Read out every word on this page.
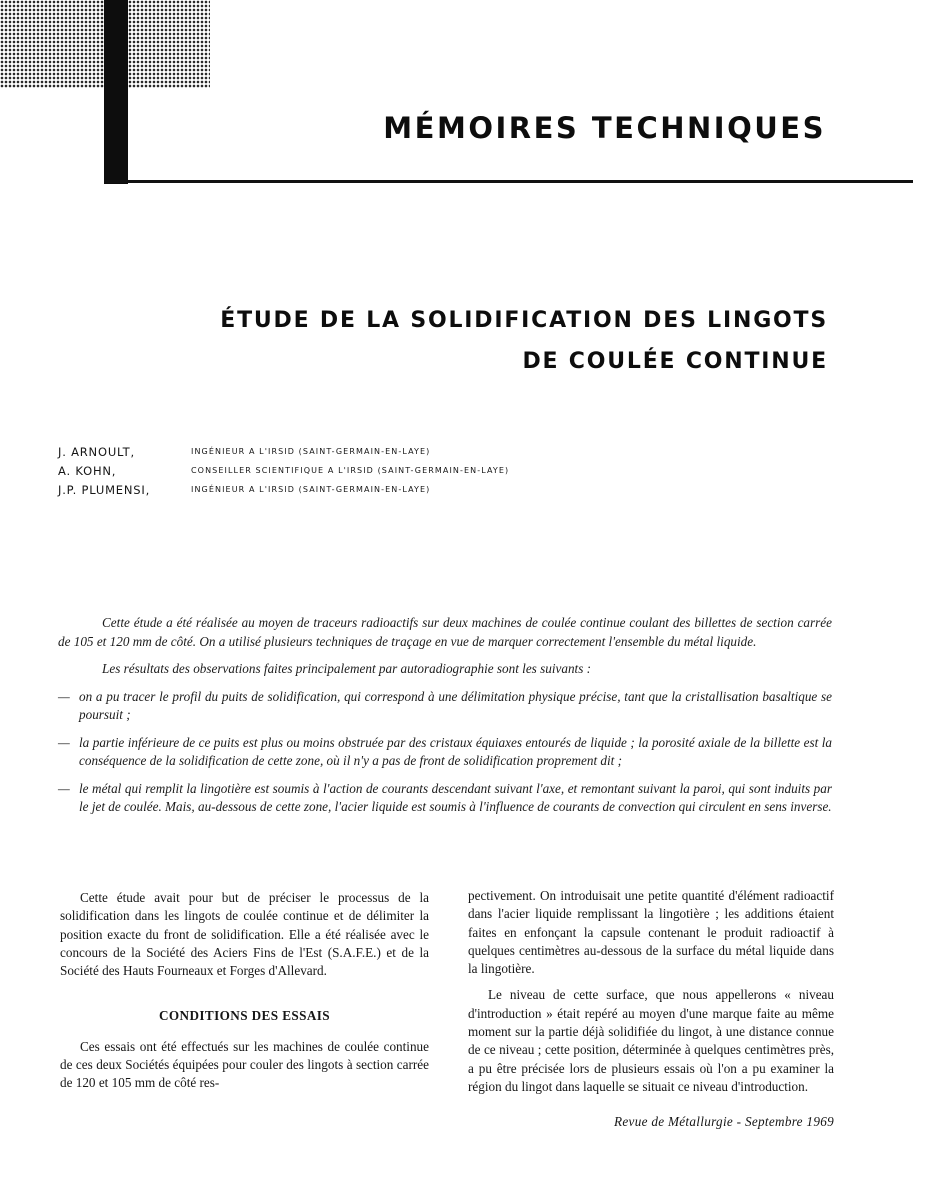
MÉMOIRES TECHNIQUES
ÉTUDE DE LA SOLIDIFICATION DES LINGOTS
DE COULÉE CONTINUE
J. ARNOULT,	INGÉNIEUR A L'IRSID (SAINT-GERMAIN-EN-LAYE)
A. KOHN,	CONSEILLER SCIENTIFIQUE A L'IRSID (SAINT-GERMAIN-EN-LAYE)
J.P. PLUMENSI,	INGÉNIEUR A L'IRSID (SAINT-GERMAIN-EN-LAYE)

Cette étude a été réalisée au moyen de traceurs radioactifs sur deux machines de coulée continue coulant des billettes de section carrée de 105 et 120 mm de côté. On a utilisé plusieurs techniques de traçage en vue de marquer correctement l'ensemble du métal liquide.

Les résultats des observations faites principalement par autoradiographie sont les suivants :

— on a pu tracer le profil du puits de solidification, qui correspond à une délimitation physique précise, tant que la cristallisation basaltique se poursuit ;
— la partie inférieure de ce puits est plus ou moins obstruée par des cristaux équiaxes entourés de liquide ; la porosité axiale de la billette est la conséquence de la solidification de cette zone, où il n'y a pas de front de solidification proprement dit ;
— le métal qui remplit la lingotière est soumis à l'action de courants descendant suivant l'axe, et remontant suivant la paroi, qui sont induits par le jet de coulée. Mais, au-dessous de cette zone, l'acier liquide est soumis à l'influence de courants de convection qui circulent en sens inverse.

Cette étude avait pour but de préciser le processus de la solidification dans les lingots de coulée continue et de délimiter la position exacte du front de solidification. Elle a été réalisée avec le concours de la Société des Aciers Fins de l'Est (S.A.F.E.) et de la Société des Hauts Fourneaux et Forges d'Allevard.

CONDITIONS DES ESSAIS

Ces essais ont été effectués sur les machines de coulée continue de ces deux Sociétés équipées pour couler des lingots à section carrée de 120 et 105 mm de côté res-

pectivement. On introduisait une petite quantité d'élément radioactif dans l'acier liquide remplissant la lingotière ; les additions étaient faites en enfonçant la capsule contenant le produit radioactif à quelques centimètres au-dessous de la surface du métal liquide dans la lingotière.

Le niveau de cette surface, que nous appellerons « niveau d'introduction » était repéré au moyen d'une marque faite au même moment sur la partie déjà solidifiée du lingot, à une distance connue de ce niveau ; cette position, déterminée à quelques centimètres près, a pu être précisée lors de plusieurs essais où l'on a pu examiner la région du lingot dans laquelle se situait ce niveau d'introduction.

Revue de Métallurgie - Septembre 1969
